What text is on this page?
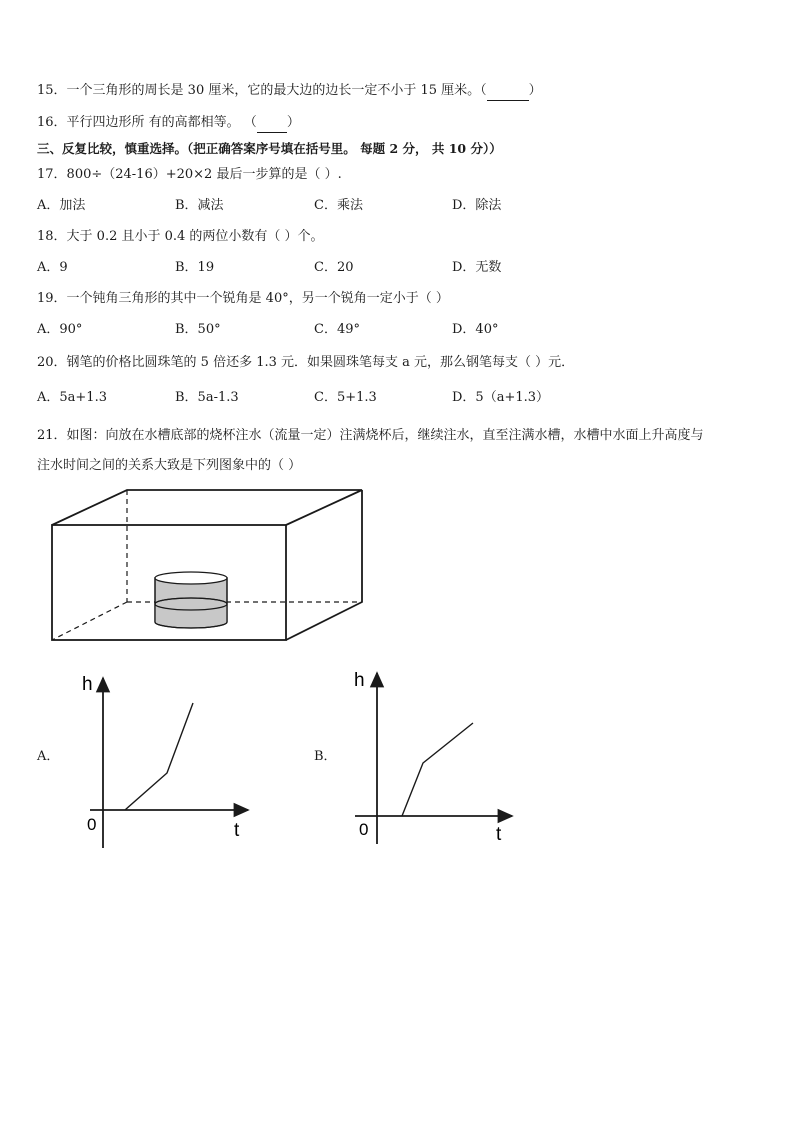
15．一个三角形的周长是 30 厘米，它的最大边的边长一定不小于 15 厘米。（	）
16．平行四边形所 有的高都相等。 （ ）
三、反复比较，慎重选择。（把正确答案序号填在括号里。 每题 2 分， 共 10 分））
17．800÷（24-16）+20×2 最后一步算的是（ ）.
A．加法	B．减法	C．乘法	D．除法
18．大于 0.2 且小于 0.4 的两位小数有（ ）个。
A．9	B．19	C．20	D．无数
19．一个钝角三角形的其中一个锐角是 40°，另一个锐角一定小于（ ）
A．90°	B．50°	C．49°	D．40°
20．钢笔的价格比圆珠笔的 5 倍还多 1.3 元．如果圆珠笔每支 a 元，那么钢笔每支（ ）元．
A．5a+1.3	B．5a-1.3	C．5+1.3	D．5（a+1.3）
21．如图：向放在水槽底部的烧杯注水（流量一定）注满烧杯后，继续注水，直至注满水槽，水槽中水面上升高度与
注水时间之间的关系大致是下列图象中的（ ）
A．
h
t
0
B．
h
t
0
